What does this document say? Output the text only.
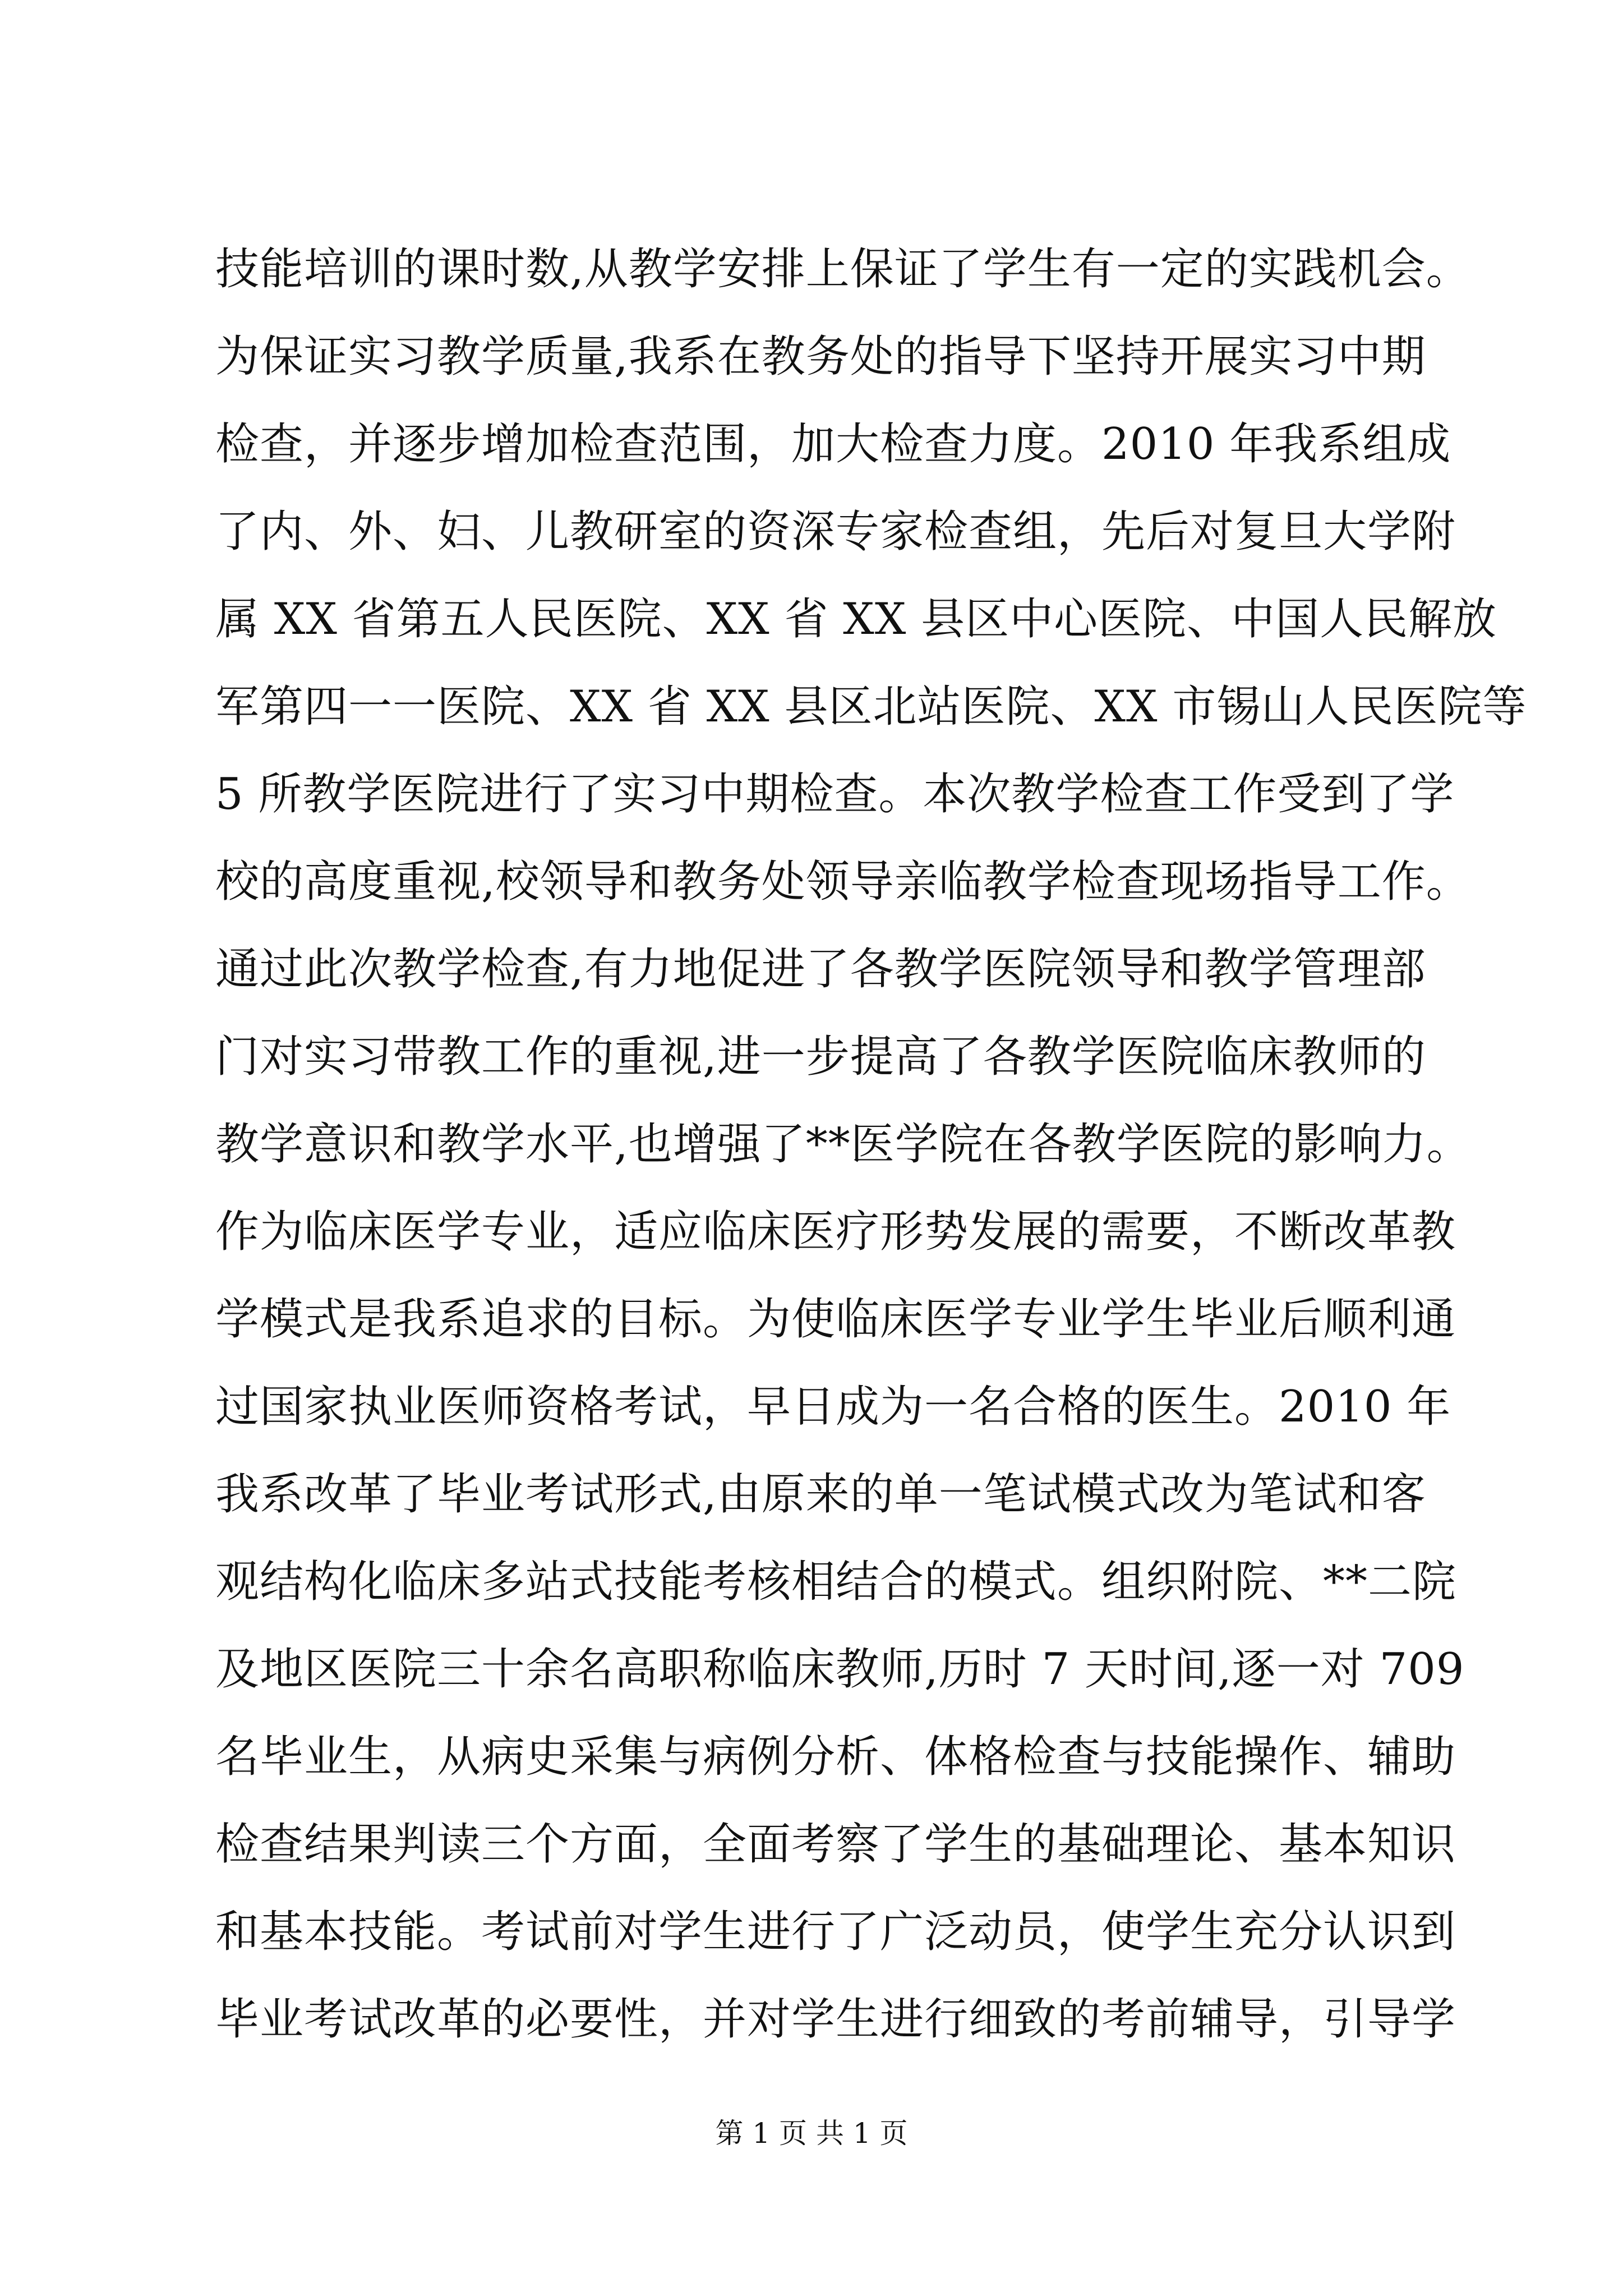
技能培训的课时数,从教学安排上保证了学生有一定的实践机会。
为保证实习教学质量,我系在教务处的指导下坚持开展实习中期
检查，并逐步增加检查范围，加大检查力度。2010 年我系组成
了内、外、妇、儿教研室的资深专家检查组，先后对复旦大学附
属 XX 省第五人民医院、XX 省 XX 县区中心医院、中国人民解放
军第四一一医院、XX 省 XX 县区北站医院、XX 市锡山人民医院等
5 所教学医院进行了实习中期检查。本次教学检查工作受到了学
校的高度重视,校领导和教务处领导亲临教学检查现场指导工作。
通过此次教学检查,有力地促进了各教学医院领导和教学管理部
门对实习带教工作的重视,进一步提高了各教学医院临床教师的
教学意识和教学水平,也增强了**医学院在各教学医院的影响力。
作为临床医学专业，适应临床医疗形势发展的需要，不断改革教
学模式是我系追求的目标。为使临床医学专业学生毕业后顺利通
过国家执业医师资格考试，早日成为一名合格的医生。2010 年
我系改革了毕业考试形式,由原来的单一笔试模式改为笔试和客
观结构化临床多站式技能考核相结合的模式。组织附院、**二院
及地区医院三十余名高职称临床教师,历时 7 天时间,逐一对 709
名毕业生，从病史采集与病例分析、体格检查与技能操作、辅助
检查结果判读三个方面，全面考察了学生的基础理论、基本知识
和基本技能。考试前对学生进行了广泛动员，使学生充分认识到
毕业考试改革的必要性，并对学生进行细致的考前辅导，引导学
第 1 页 共 1 页
